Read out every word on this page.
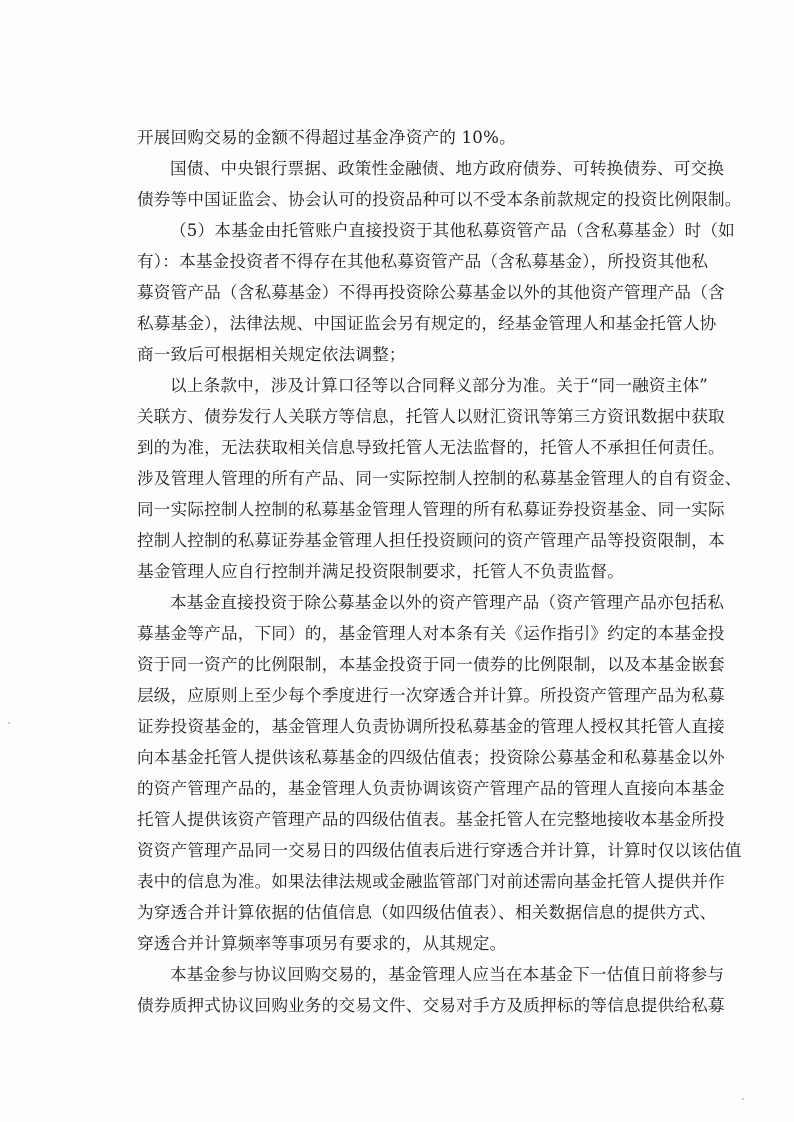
开展回购交易的金额不得超过基金净资产的 10%。
国债、中央银行票据、政策性金融债、地方政府债券、可转换债券、可交换
债券等中国证监会、协会认可的投资品种可以不受本条前款规定的投资比例限制。
（5）本基金由托管账户直接投资于其他私募资管产品（含私募基金）时（如
有）：本基金投资者不得存在其他私募资管产品（含私募基金），所投资其他私
募资管产品（含私募基金）不得再投资除公募基金以外的其他资产管理产品（含
私募基金），法律法规、中国证监会另有规定的，经基金管理人和基金托管人协
商一致后可根据相关规定依法调整；
以上条款中，涉及计算口径等以合同释义部分为准。关于“同一融资主体”
关联方、债券发行人关联方等信息，托管人以财汇资讯等第三方资讯数据中获取
到的为准，无法获取相关信息导致托管人无法监督的，托管人不承担任何责任。
涉及管理人管理的所有产品、同一实际控制人控制的私募基金管理人的自有资金、
同一实际控制人控制的私募基金管理人管理的所有私募证券投资基金、同一实际
控制人控制的私募证券基金管理人担任投资顾问的资产管理产品等投资限制，本
基金管理人应自行控制并满足投资限制要求，托管人不负责监督。
本基金直接投资于除公募基金以外的资产管理产品（资产管理产品亦包括私
募基金等产品，下同）的，基金管理人对本条有关《运作指引》约定的本基金投
资于同一资产的比例限制，本基金投资于同一债券的比例限制，以及本基金嵌套
层级，应原则上至少每个季度进行一次穿透合并计算。所投资产管理产品为私募
证券投资基金的，基金管理人负责协调所投私募基金的管理人授权其托管人直接
向本基金托管人提供该私募基金的四级估值表；投资除公募基金和私募基金以外
的资产管理产品的，基金管理人负责协调该资产管理产品的管理人直接向本基金
托管人提供该资产管理产品的四级估值表。基金托管人在完整地接收本基金所投
资资产管理产品同一交易日的四级估值表后进行穿透合并计算，计算时仅以该估值
表中的信息为准。如果法律法规或金融监管部门对前述需向基金托管人提供并作
为穿透合并计算依据的估值信息（如四级估值表）、相关数据信息的提供方式、
穿透合并计算频率等事项另有要求的，从其规定。
本基金参与协议回购交易的，基金管理人应当在本基金下一估值日前将参与
债券质押式协议回购业务的交易文件、交易对手方及质押标的等信息提供给私募
